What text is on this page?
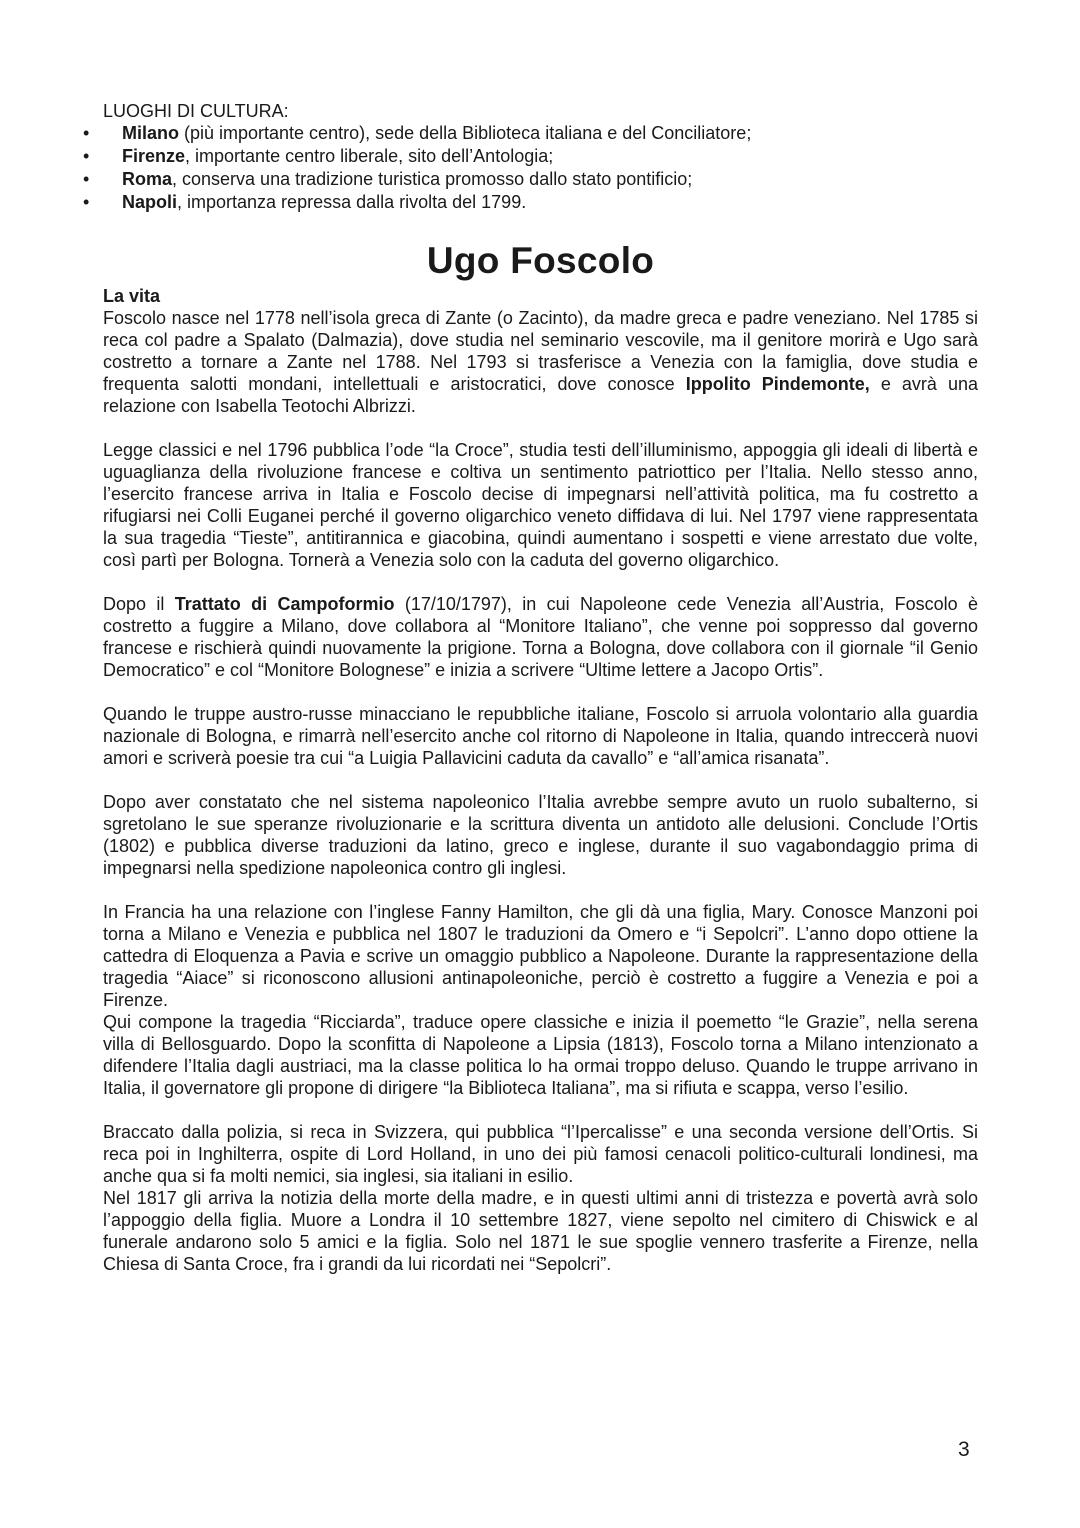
LUOGHI DI CULTURA:

• Milano (più importante centro), sede della Biblioteca italiana e del Conciliatore;
• Firenze, importante centro liberale, sito dell’Antologia;
• Roma, conserva una tradizione turistica promosso dallo stato pontificio;
• Napoli, importanza repressa dalla rivolta del 1799.
Ugo Foscolo

La vita

Foscolo nasce nel 1778 nell’isola greca di Zante (o Zacinto), da madre greca e padre veneziano. Nel 1785 si reca col padre a Spalato (Dalmazia), dove studia nel seminario vescovile, ma il genitore morirà e Ugo sarà costretto a tornare a Zante nel 1788. Nel 1793 si trasferisce a Venezia con la famiglia, dove studia e frequenta salotti mondani, intellettuali e aristocratici, dove conosce Ippolito Pindemonte, e avrà una relazione con Isabella Teotochi Albrizzi.

Legge classici e nel 1796 pubblica l’ode “la Croce”, studia testi dell’illuminismo, appoggia gli ideali di libertà e uguaglianza della rivoluzione francese e coltiva un sentimento patriottico per l’Italia. Nello stesso anno, l’esercito francese arriva in Italia e Foscolo decise di impegnarsi nell’attività politica, ma fu costretto a rifugiarsi nei Colli Euganei perché il governo oligarchico veneto diffidava di lui. Nel 1797 viene rappresentata la sua tragedia “Tieste”, antitirannica e giacobina, quindi aumentano i sospetti e viene arrestato due volte, così partì per Bologna. Tornerà a Venezia solo con la caduta del governo oligarchico.

Dopo il Trattato di Campoformio (17/10/1797), in cui Napoleone cede Venezia all’Austria, Foscolo è costretto a fuggire a Milano, dove collabora al “Monitore Italiano”, che venne poi soppresso dal governo francese e rischierà quindi nuovamente la prigione. Torna a Bologna, dove collabora con il giornale “il Genio Democratico” e col “Monitore Bolognese” e inizia a scrivere “Ultime lettere a Jacopo Ortis”.

Quando le truppe austro-russe minacciano le repubbliche italiane, Foscolo si arruola volontario alla guardia nazionale di Bologna, e rimarrà nell’esercito anche col ritorno di Napoleone in Italia, quando intreccerà nuovi amori e scriverà poesie tra cui “a Luigia Pallavicini caduta da cavallo” e “all’amica risanata”.

Dopo aver constatato che nel sistema napoleonico l’Italia avrebbe sempre avuto un ruolo subalterno, si sgretolano le sue speranze rivoluzionarie e la scrittura diventa un antidoto alle delusioni. Conclude l’Ortis (1802) e pubblica diverse traduzioni da latino, greco e inglese, durante il suo vagabondaggio prima di impegnarsi nella spedizione napoleonica contro gli inglesi.

In Francia ha una relazione con l’inglese Fanny Hamilton, che gli dà una figlia, Mary. Conosce Manzoni poi torna a Milano e Venezia e pubblica nel 1807 le traduzioni da Omero e “i Sepolcri”. L’anno dopo ottiene la cattedra di Eloquenza a Pavia e scrive un omaggio pubblico a Napoleone. Durante la rappresentazione della tragedia “Aiace” si riconoscono allusioni antinapoleoniche, perciò è costretto a fuggire a Venezia e poi a Firenze.

Qui compone la tragedia “Ricciarda”, traduce opere classiche e inizia il poemetto “le Grazie”, nella serena villa di Bellosguardo. Dopo la sconfitta di Napoleone a Lipsia (1813), Foscolo torna a Milano intenzionato a difendere l’Italia dagli austriaci, ma la classe politica lo ha ormai troppo deluso. Quando le truppe arrivano in Italia, il governatore gli propone di dirigere “la Biblioteca Italiana”, ma si rifiuta e scappa, verso l’esilio.

Braccato dalla polizia, si reca in Svizzera, qui pubblica “l’Ipercalisse” e una seconda versione dell’Ortis. Si reca poi in Inghilterra, ospite di Lord Holland, in uno dei più famosi cenacoli politico-culturali londinesi, ma anche qua si fa molti nemici, sia inglesi, sia italiani in esilio.

Nel 1817 gli arriva la notizia della morte della madre, e in questi ultimi anni di tristezza e povertà avrà solo l’appoggio della figlia. Muore a Londra il 10 settembre 1827, viene sepolto nel cimitero di Chiswick e al funerale andarono solo 5 amici e la figlia. Solo nel 1871 le sue spoglie vennero trasferite a Firenze, nella Chiesa di Santa Croce, fra i grandi da lui ricordati nei “Sepolcri”.

3
